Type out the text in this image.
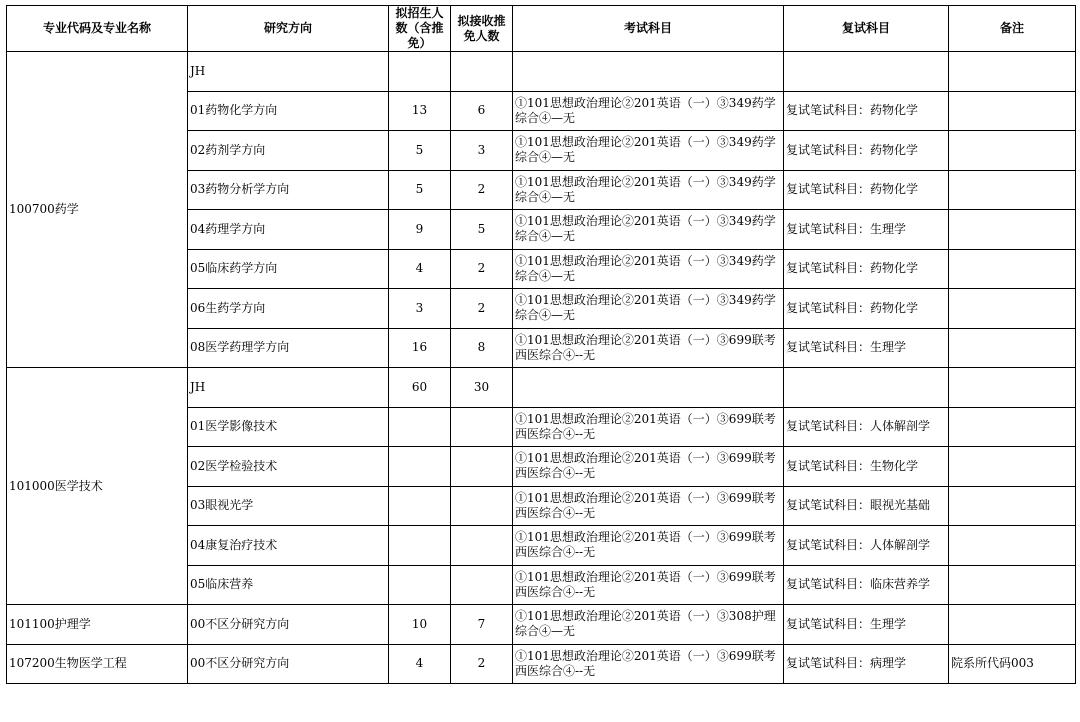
专业代码及专业名称	研究方向	拟招生人数（含推免）	拟接收推免人数	考试科目	复试科目	备注
100700药学	JH					
	01药物化学方向	13	6	①101思想政治理论②201英语（一）③349药学综合④—无	复试笔试科目：药物化学	
	02药剂学方向	5	3	①101思想政治理论②201英语（一）③349药学综合④—无	复试笔试科目：药物化学	
	03药物分析学方向	5	2	①101思想政治理论②201英语（一）③349药学综合④—无	复试笔试科目：药物化学	
	04药理学方向	9	5	①101思想政治理论②201英语（一）③349药学综合④—无	复试笔试科目：生理学	
	05临床药学方向	4	2	①101思想政治理论②201英语（一）③349药学综合④—无	复试笔试科目：药物化学	
	06生药学方向	3	2	①101思想政治理论②201英语（一）③349药学综合④—无	复试笔试科目：药物化学	
	08医学药理学方向	16	8	①101思想政治理论②201英语（一）③699联考西医综合④--无	复试笔试科目：生理学	
101000医学技术	JH	60	30			
	01医学影像技术			①101思想政治理论②201英语（一）③699联考西医综合④--无	复试笔试科目：人体解剖学	
	02医学检验技术			①101思想政治理论②201英语（一）③699联考西医综合④--无	复试笔试科目：生物化学	
	03眼视光学			①101思想政治理论②201英语（一）③699联考西医综合④--无	复试笔试科目：眼视光基础	
	04康复治疗技术			①101思想政治理论②201英语（一）③699联考西医综合④--无	复试笔试科目：人体解剖学	
	05临床营养			①101思想政治理论②201英语（一）③699联考西医综合④--无	复试笔试科目：临床营养学	
101100护理学	00不区分研究方向	10	7	①101思想政治理论②201英语（一）③308护理综合④—无	复试笔试科目：生理学	
107200生物医学工程	00不区分研究方向	4	2	①101思想政治理论②201英语（一）③699联考西医综合④--无	复试笔试科目：病理学	院系所代码003
